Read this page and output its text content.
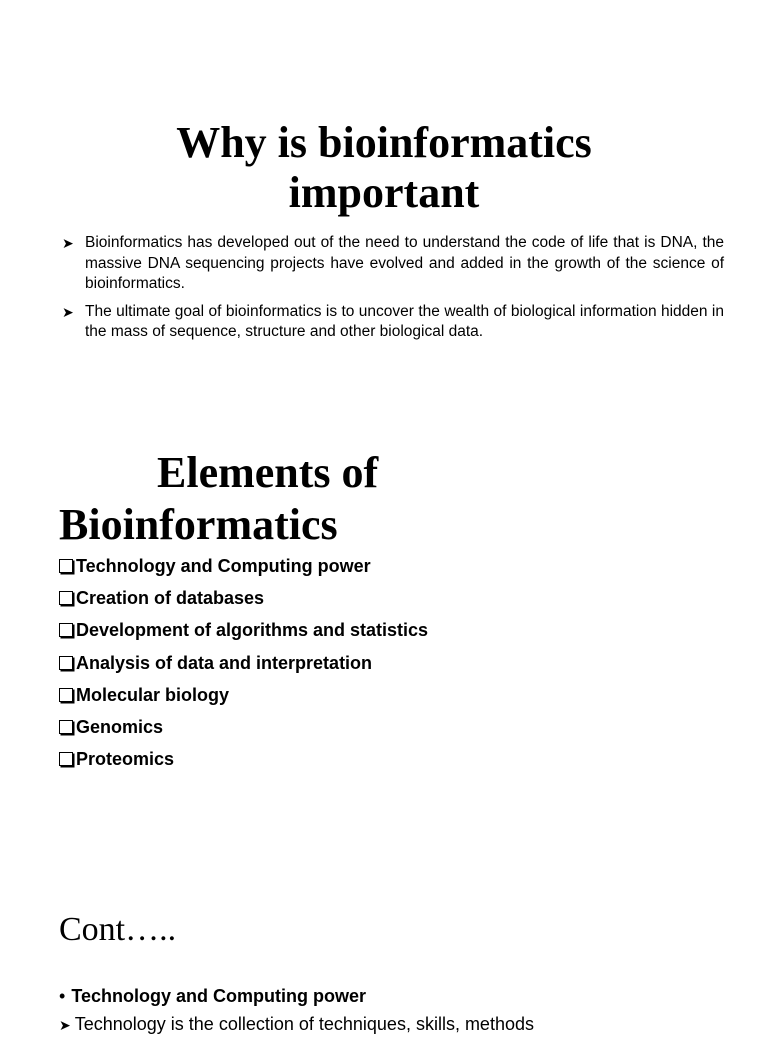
Why is bioinformatics
important
➤ Bioinformatics has developed out of the need to understand the code of life that is DNA, the massive DNA sequencing projects have evolved and added in the growth of the science of bioinformatics.
➤ The ultimate goal of bioinformatics is to uncover the wealth of biological information hidden in the mass of sequence, structure and other biological data.
Elements of
Bioinformatics
Technology and Computing power
Creation of databases
Development of algorithms and statistics
Analysis of data and interpretation
Molecular biology
Genomics
Proteomics
Cont…..
• Technology and Computing power
➤ Technology is the collection of techniques, skills, methods
